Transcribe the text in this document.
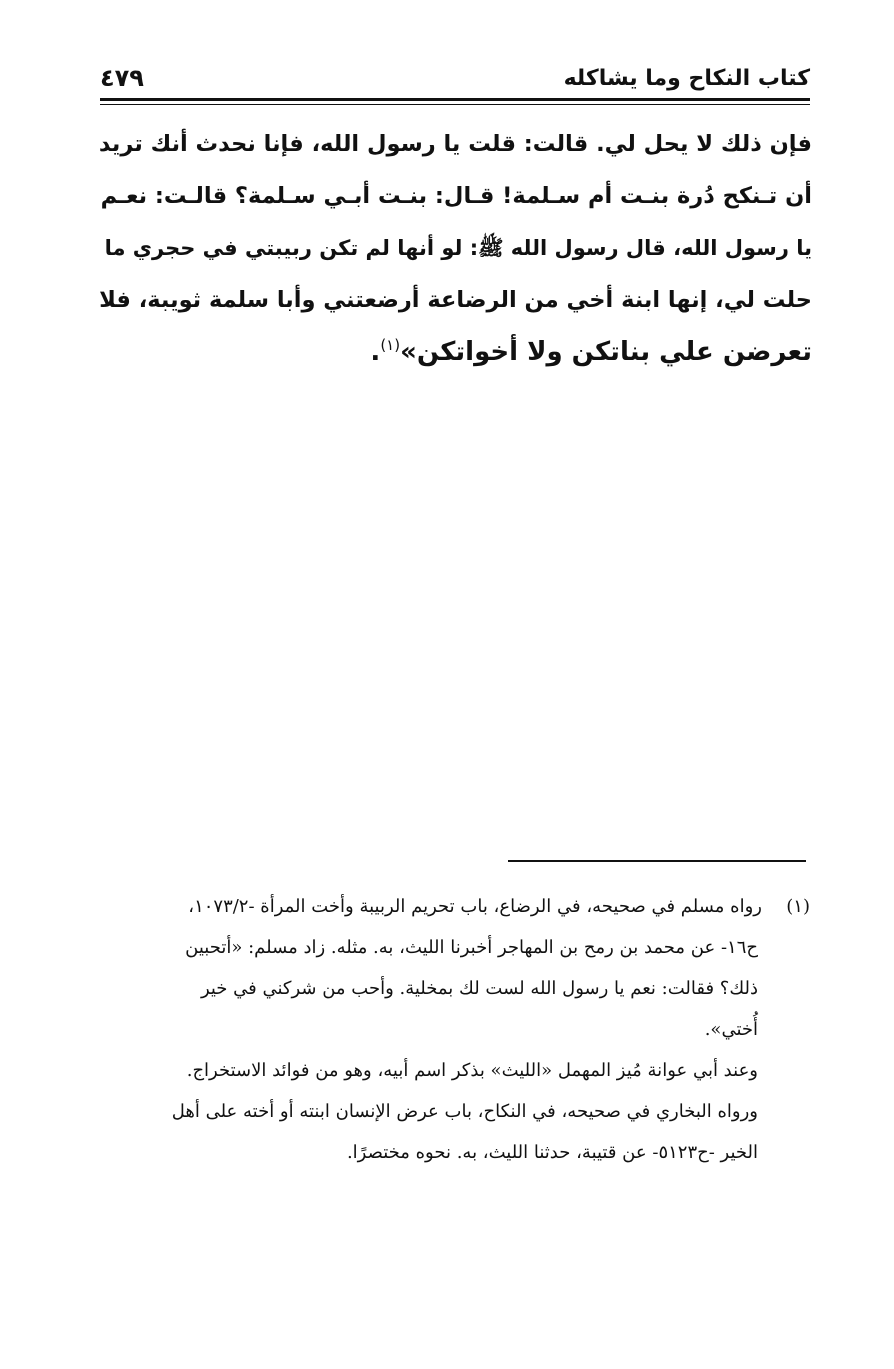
كتاب النكاح وما يشاكله
٤٧٩

فإن ذلك لا يحل لي. قالت: قلت يا رسول الله، فإنا نحدث أنك تريد

أن تـنكح دُرة بنـت أم سـلمة! قـال: بنـت أبـي سـلمة؟ قالـت: نعـم

يا رسول الله، قال رسول الله ﷺ: لو أنها لم تكن ربيبتي في حجري ما

حلت لي، إنها ابنة أخي من الرضاعة أرضعتني وأبا سلمة ثويبة، فلا

تعرضن علي بناتكن ولا أخواتكن»$^{(١)}$.

(١)رواه مسلم في صحيحه، في الرضاع، باب تحريم الربيبة وأخت المرأة -١٠٧٣/٢،

ح١٦- عن محمد بن رمح بن المهاجر أخبرنا الليث، به. مثله. زاد مسلم: «أتحبين

ذلك؟ فقالت: نعم يا رسول الله لست لك بمخلية. وأحب من شركني في خير

أُختي».

وعند أبي عوانة مُيز المهمل «الليث» بذكر اسم أبيه، وهو من فوائد الاستخراج.

ورواه البخاري في صحيحه، في النكاح، باب عرض الإنسان ابنته أو أخته على أهل

الخير -ح٥١٢٣- عن قتيبة، حدثنا الليث، به. نحوه مختصرًا.
